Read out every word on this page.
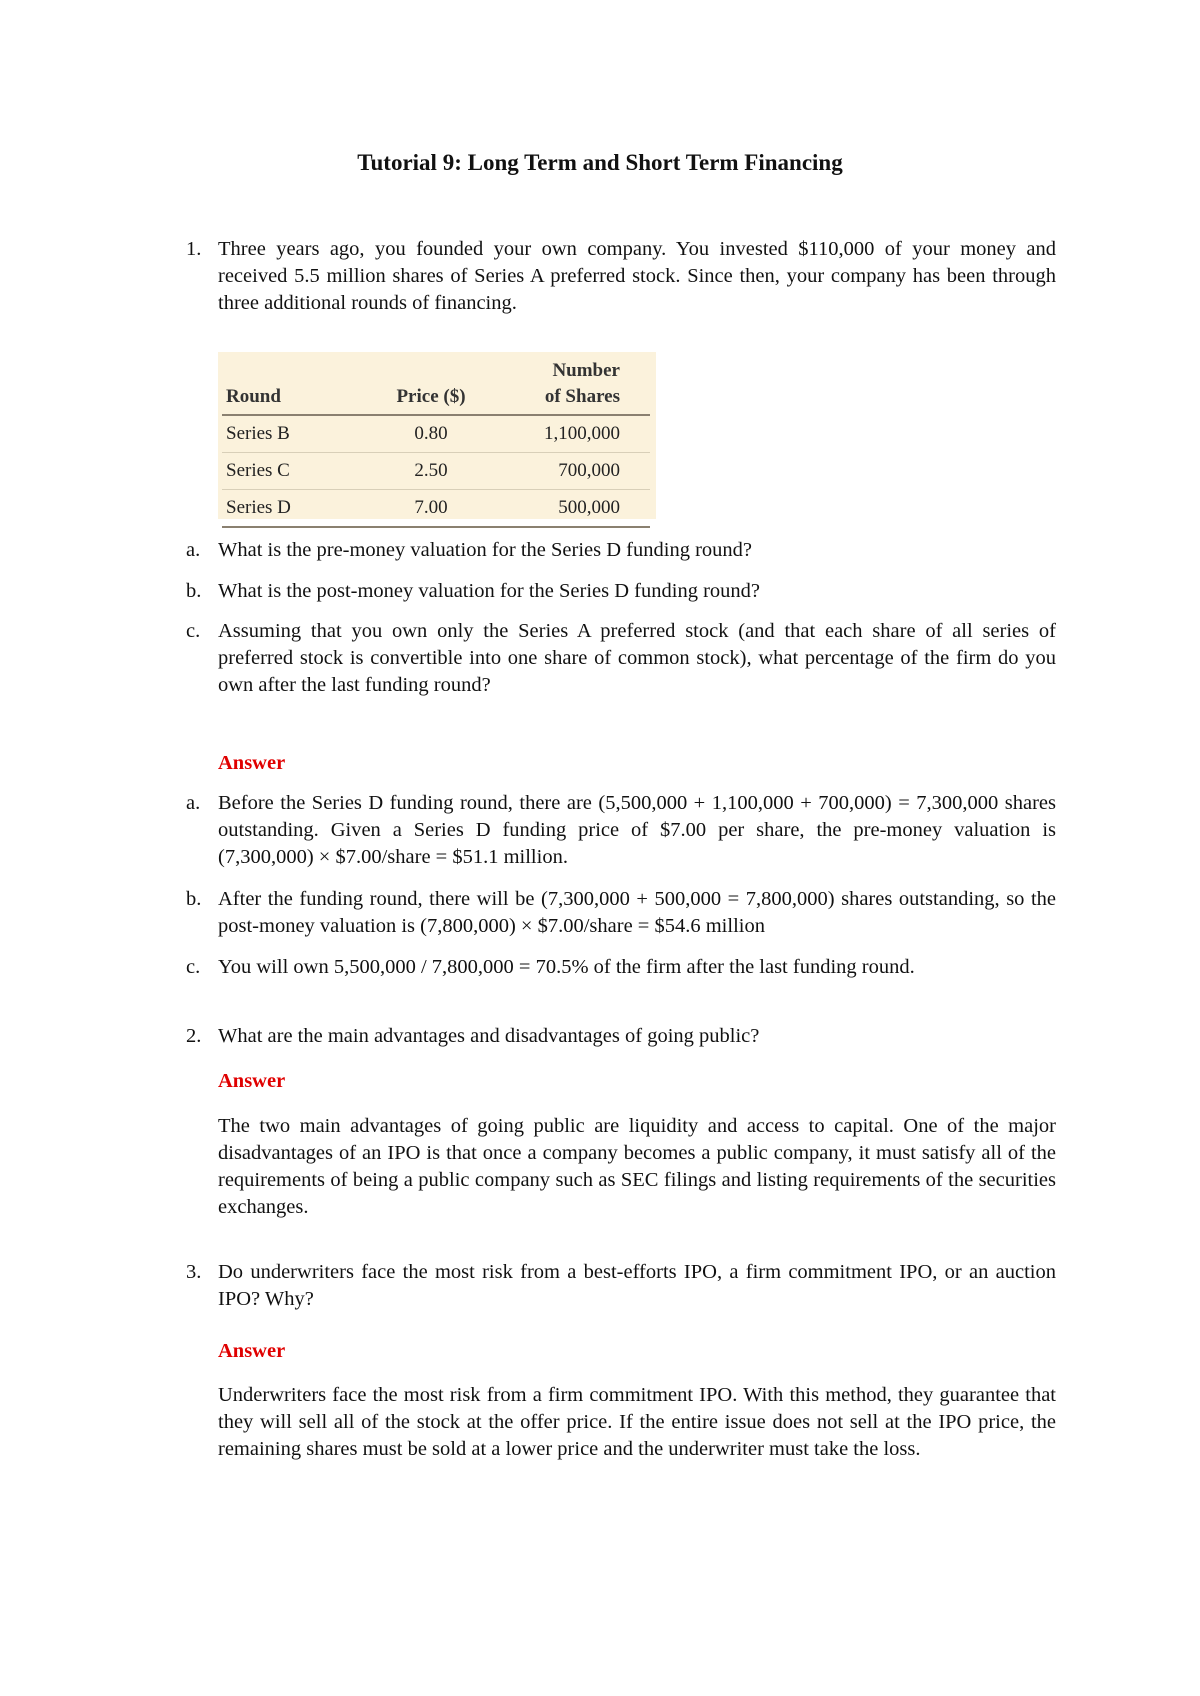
Tutorial 9: Long Term and Short Term Financing
1. Three years ago, you founded your own company. You invested $110,000 of your money and received 5.5 million shares of Series A preferred stock. Since then, your company has been through three additional rounds of financing.
Round	Price ($)	Number
of Shares
Series B	0.80	1,100,000
Series C	2.50	700,000
Series D	7.00	500,000
a. What is the pre-money valuation for the Series D funding round?
b. What is the post-money valuation for the Series D funding round?
c. Assuming that you own only the Series A preferred stock (and that each share of all series of preferred stock is convertible into one share of common stock), what percentage of the firm do you own after the last funding round?
Answer
a. Before the Series D funding round, there are (5,500,000 + 1,100,000 + 700,000) = 7,300,000 shares outstanding. Given a Series D funding price of $7.00 per share, the pre-money valuation is (7,300,000) × $7.00/share = $51.1 million.
b. After the funding round, there will be (7,300,000 + 500,000 = 7,800,000) shares outstanding, so the post-money valuation is (7,800,000) × $7.00/share = $54.6 million
c. You will own 5,500,000 / 7,800,000 = 70.5% of the firm after the last funding round.
2. What are the main advantages and disadvantages of going public?
Answer
The two main advantages of going public are liquidity and access to capital. One of the major disadvantages of an IPO is that once a company becomes a public company, it must satisfy all of the requirements of being a public company such as SEC filings and listing requirements of the securities exchanges.
3. Do underwriters face the most risk from a best-efforts IPO, a firm commitment IPO, or an auction IPO? Why?
Answer
Underwriters face the most risk from a firm commitment IPO. With this method, they guarantee that they will sell all of the stock at the offer price. If the entire issue does not sell at the IPO price, the remaining shares must be sold at a lower price and the underwriter must take the loss.
